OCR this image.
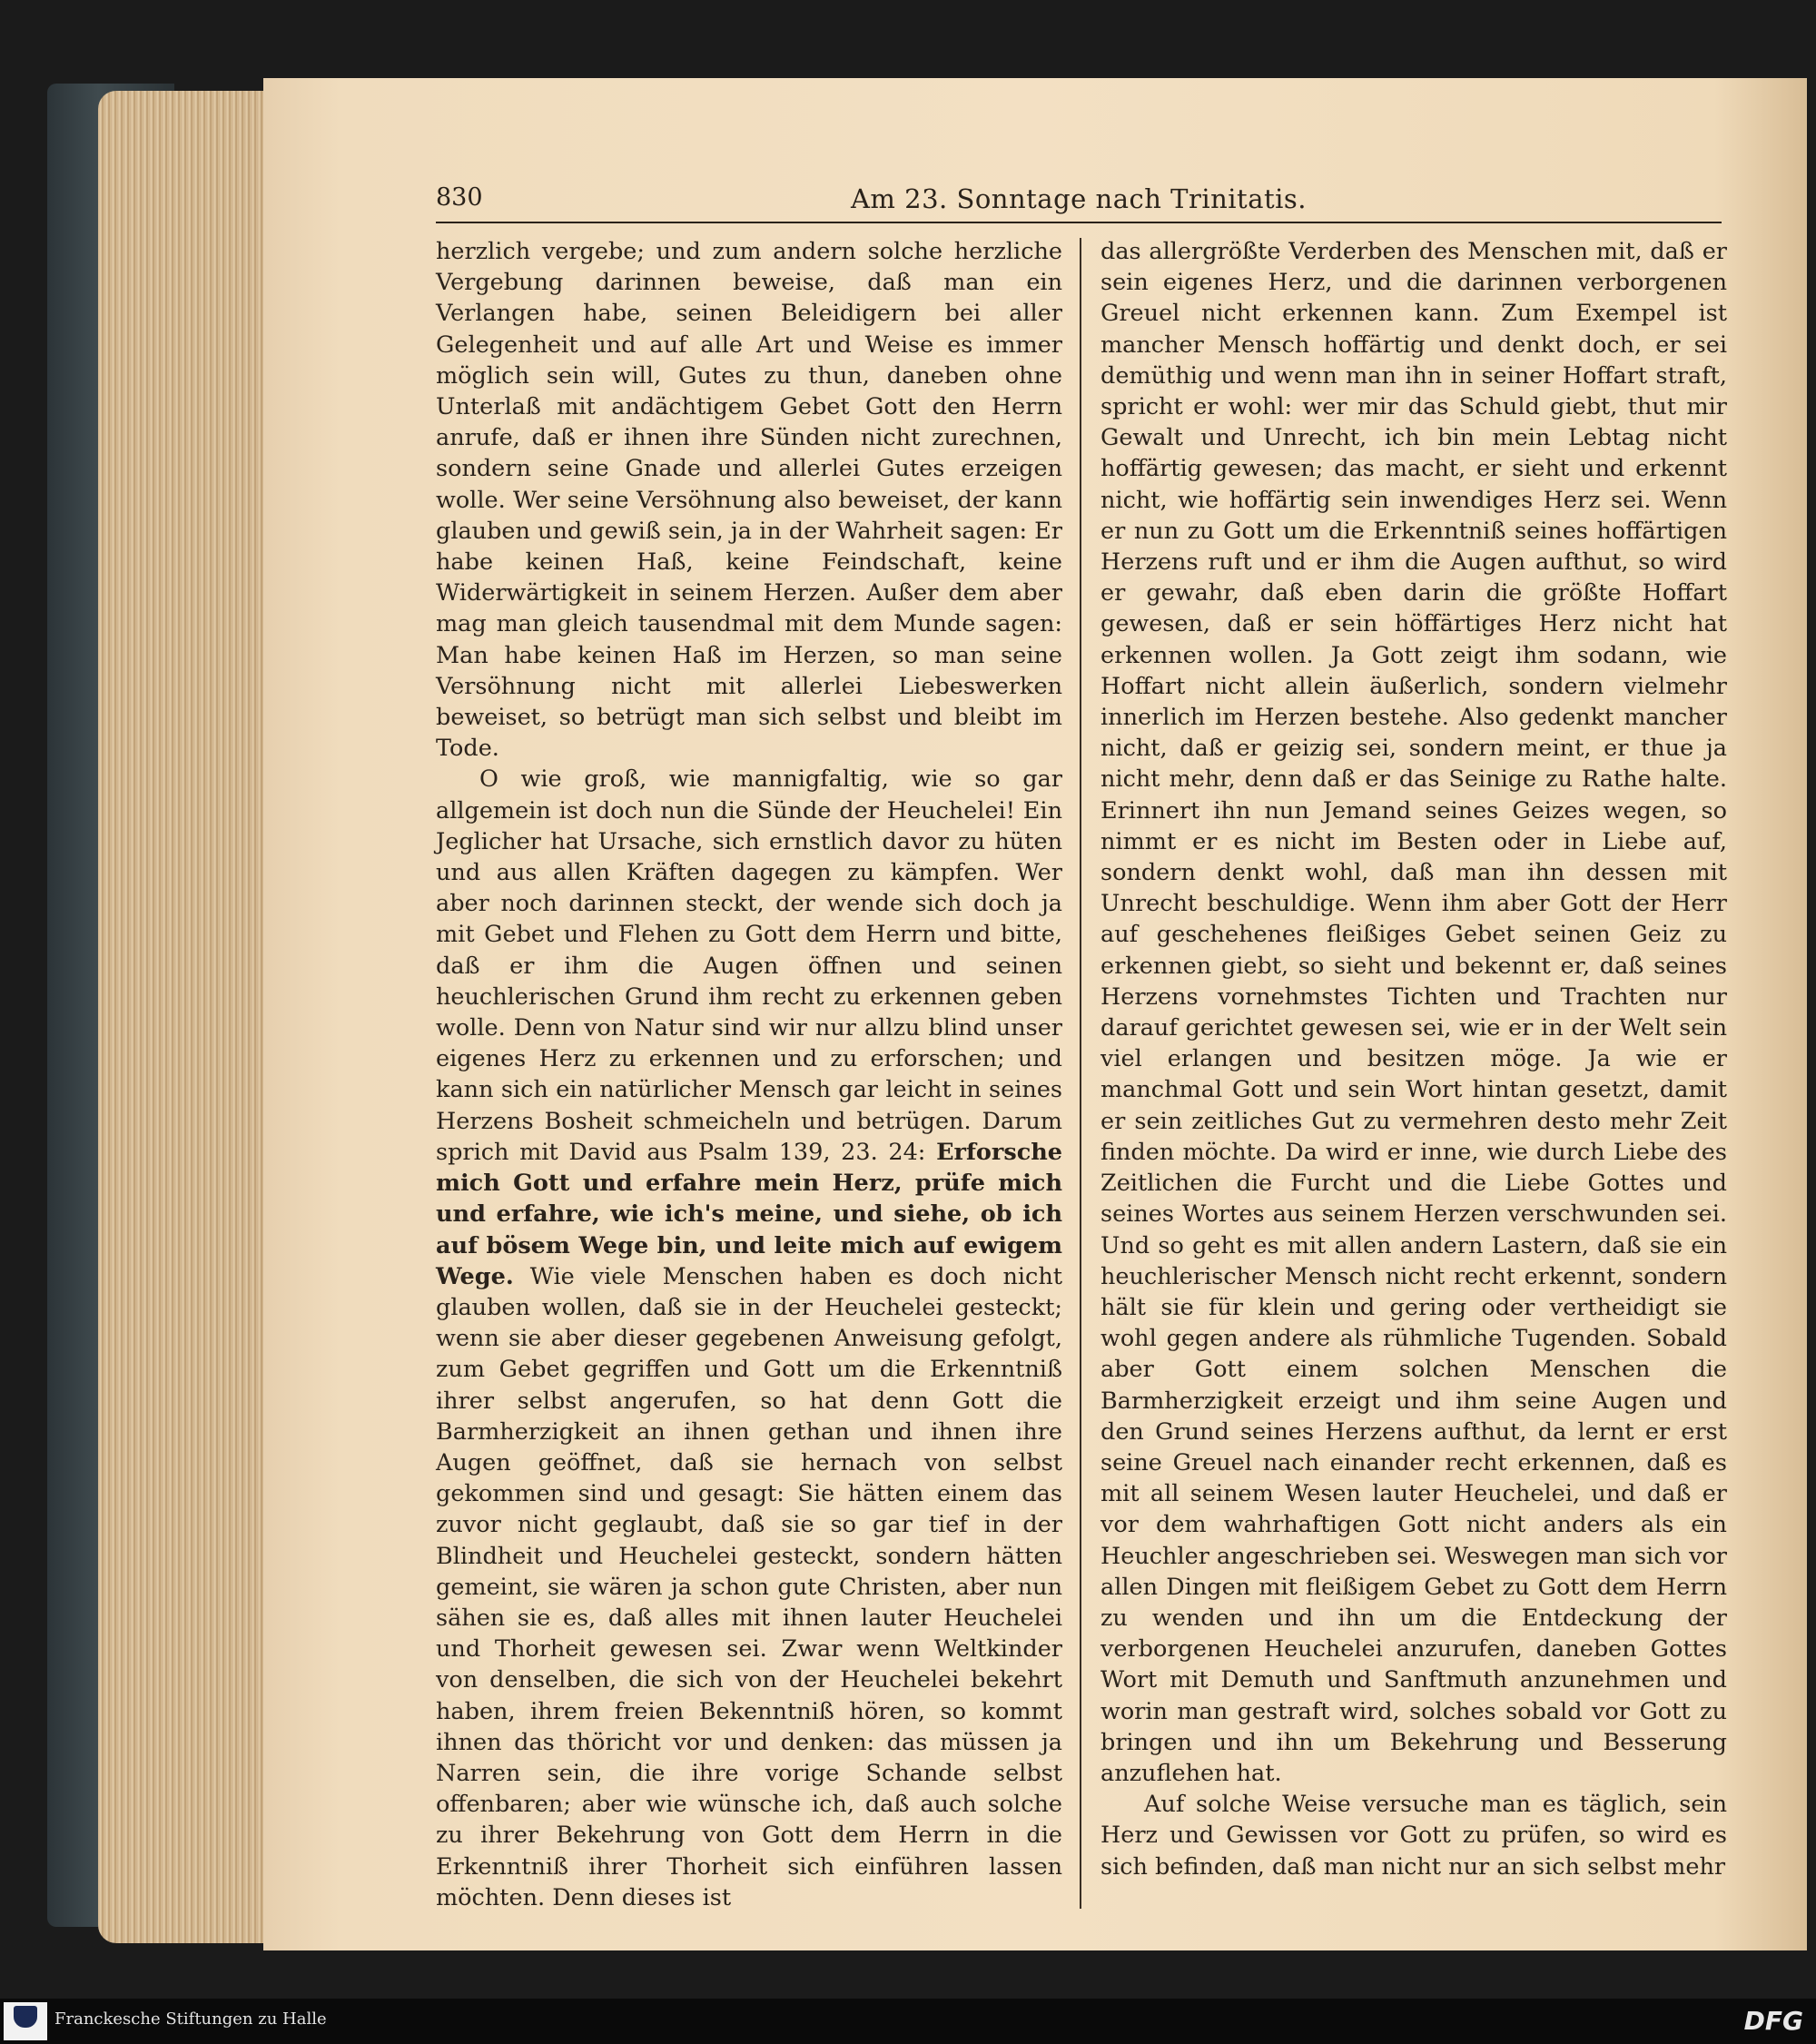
830	Am 23. Sonntage nach Trinitatis.

herzlich vergebe; und zum andern solche herzliche Vergebung darinnen beweise, daß man ein Verlangen habe, seinen Beleidigern bei aller Gelegenheit und auf alle Art und Weise es immer möglich sein will, Gutes zu thun, daneben ohne Unterlaß mit andächtigem Gebet Gott den Herrn anrufe, daß er ihnen ihre Sünden nicht zurechnen, sondern seine Gnade und allerlei Gutes erzeigen wolle. Wer seine Versöhnung also beweiset, der kann glauben und gewiß sein, ja in der Wahrheit sagen: Er habe keinen Haß, keine Feindschaft, keine Widerwärtigkeit in seinem Herzen. Außer dem aber mag man gleich tausendmal mit dem Munde sagen: Man habe keinen Haß im Herzen, so man seine Versöhnung nicht mit allerlei Liebeswerken beweiset, so betrügt man sich selbst und bleibt im Tode.

O wie groß, wie mannigfaltig, wie so gar allgemein ist doch nun die Sünde der Heuchelei! Ein Jeglicher hat Ursache, sich ernstlich davor zu hüten und aus allen Kräften dagegen zu kämpfen. Wer aber noch darinnen steckt, der wende sich doch ja mit Gebet und Flehen zu Gott dem Herrn und bitte, daß er ihm die Augen öffnen und seinen heuchlerischen Grund ihm recht zu erkennen geben wolle. Denn von Natur sind wir nur allzu blind unser eigenes Herz zu erkennen und zu erforschen; und kann sich ein natürlicher Mensch gar leicht in seines Herzens Bosheit schmeicheln und betrügen. Darum sprich mit David aus Psalm 139, 23. 24: Erforsche mich Gott und erfahre mein Herz, prüfe mich und erfahre, wie ich's meine, und siehe, ob ich auf bösem Wege bin, und leite mich auf ewigem Wege. Wie viele Menschen haben es doch nicht glauben wollen, daß sie in der Heuchelei gesteckt; wenn sie aber dieser gegebenen Anweisung gefolgt, zum Gebet gegriffen und Gott um die Erkenntniß ihrer selbst angerufen, so hat denn Gott die Barmherzigkeit an ihnen gethan und ihnen ihre Augen geöffnet, daß sie hernach von selbst gekommen sind und gesagt: Sie hätten einem das zuvor nicht geglaubt, daß sie so gar tief in der Blindheit und Heuchelei gesteckt, sondern hätten gemeint, sie wären ja schon gute Christen, aber nun sähen sie es, daß alles mit ihnen lauter Heuchelei und Thorheit gewesen sei. Zwar wenn Weltkinder von denselben, die sich von der Heuchelei bekehrt haben, ihrem freien Bekenntniß hören, so kommt ihnen das thöricht vor und denken: das müssen ja Narren sein, die ihre vorige Schande selbst offenbaren; aber wie wünsche ich, daß auch solche zu ihrer Bekehrung von Gott dem Herrn in die Erkenntniß ihrer Thorheit sich einführen lassen möchten. Denn dieses ist

das allergrößte Verderben des Menschen mit, daß er sein eigenes Herz, und die darinnen verborgenen Greuel nicht erkennen kann. Zum Exempel ist mancher Mensch hoffärtig und denkt doch, er sei demüthig und wenn man ihn in seiner Hoffart straft, spricht er wohl: wer mir das Schuld giebt, thut mir Gewalt und Unrecht, ich bin mein Lebtag nicht hoffärtig gewesen; das macht, er sieht und erkennt nicht, wie hoffärtig sein inwendiges Herz sei. Wenn er nun zu Gott um die Erkenntniß seines hoffärtigen Herzens ruft und er ihm die Augen aufthut, so wird er gewahr, daß eben darin die größte Hoffart gewesen, daß er sein höffärtiges Herz nicht hat erkennen wollen. Ja Gott zeigt ihm sodann, wie Hoffart nicht allein äußerlich, sondern vielmehr innerlich im Herzen bestehe. Also gedenkt mancher nicht, daß er geizig sei, sondern meint, er thue ja nicht mehr, denn daß er das Seinige zu Rathe halte. Erinnert ihn nun Jemand seines Geizes wegen, so nimmt er es nicht im Besten oder in Liebe auf, sondern denkt wohl, daß man ihn dessen mit Unrecht beschuldige. Wenn ihm aber Gott der Herr auf geschehenes fleißiges Gebet seinen Geiz zu erkennen giebt, so sieht und bekennt er, daß seines Herzens vornehmstes Tichten und Trachten nur darauf gerichtet gewesen sei, wie er in der Welt sein viel erlangen und besitzen möge. Ja wie er manchmal Gott und sein Wort hintan gesetzt, damit er sein zeitliches Gut zu vermehren desto mehr Zeit finden möchte. Da wird er inne, wie durch Liebe des Zeitlichen die Furcht und die Liebe Gottes und seines Wortes aus seinem Herzen verschwunden sei. Und so geht es mit allen andern Lastern, daß sie ein heuchlerischer Mensch nicht recht erkennt, sondern hält sie für klein und gering oder vertheidigt sie wohl gegen andere als rühmliche Tugenden. Sobald aber Gott einem solchen Menschen die Barmherzigkeit erzeigt und ihm seine Augen und den Grund seines Herzens aufthut, da lernt er erst seine Greuel nach einander recht erkennen, daß es mit all seinem Wesen lauter Heuchelei, und daß er vor dem wahrhaftigen Gott nicht anders als ein Heuchler angeschrieben sei. Weswegen man sich vor allen Dingen mit fleißigem Gebet zu Gott dem Herrn zu wenden und ihn um die Entdeckung der verborgenen Heuchelei anzurufen, daneben Gottes Wort mit Demuth und Sanftmuth anzunehmen und worin man gestraft wird, solches sobald vor Gott zu bringen und ihn um Bekehrung und Besserung anzuflehen hat.

Auf solche Weise versuche man es täglich, sein Herz und Gewissen vor Gott zu prüfen, so wird es sich befinden, daß man nicht nur an sich selbst mehr

Franckesche Stiftungen zu Halle	DFG
